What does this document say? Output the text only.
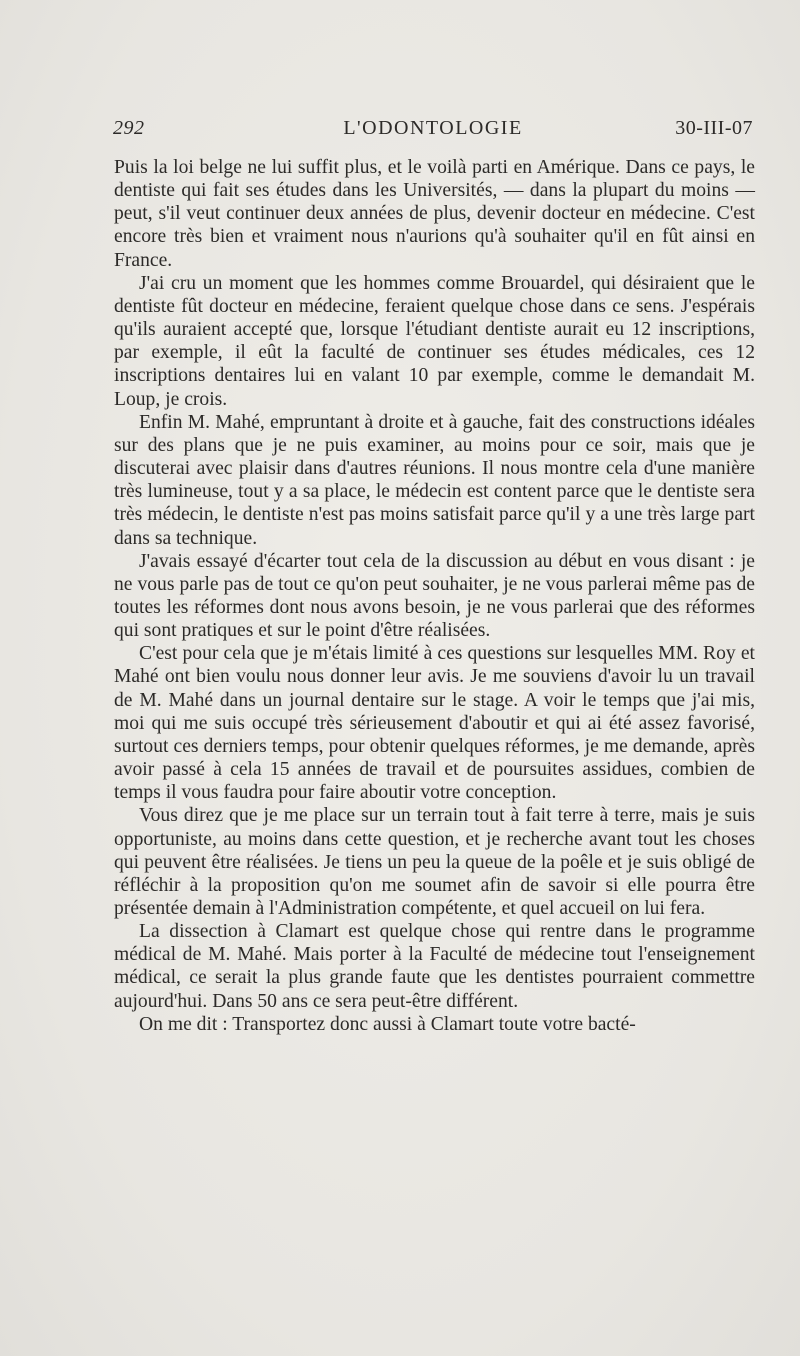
292	L'ODONTOLOGIE	30-III-07

Puis la loi belge ne lui suffit plus, et le voilà parti en Amérique. Dans ce pays, le dentiste qui fait ses études dans les Universités, — dans la plupart du moins — peut, s'il veut continuer deux années de plus, devenir docteur en médecine. C'est encore très bien et vraiment nous n'aurions qu'à souhaiter qu'il en fût ainsi en France.

J'ai cru un moment que les hommes comme Brouardel, qui désiraient que le dentiste fût docteur en médecine, feraient quelque chose dans ce sens. J'espérais qu'ils auraient accepté que, lorsque l'étudiant dentiste aurait eu 12 inscriptions, par exemple, il eût la faculté de continuer ses études médicales, ces 12 inscriptions dentaires lui en valant 10 par exemple, comme le demandait M. Loup, je crois.

Enfin M. Mahé, empruntant à droite et à gauche, fait des constructions idéales sur des plans que je ne puis examiner, au moins pour ce soir, mais que je discuterai avec plaisir dans d'autres réunions. Il nous montre cela d'une manière très lumineuse, tout y a sa place, le médecin est content parce que le dentiste sera très médecin, le dentiste n'est pas moins satisfait parce qu'il y a une très large part dans sa technique.

J'avais essayé d'écarter tout cela de la discussion au début en vous disant : je ne vous parle pas de tout ce qu'on peut souhaiter, je ne vous parlerai même pas de toutes les réformes dont nous avons besoin, je ne vous parlerai que des réformes qui sont pratiques et sur le point d'être réalisées.

C'est pour cela que je m'étais limité à ces questions sur lesquelles MM. Roy et Mahé ont bien voulu nous donner leur avis. Je me souviens d'avoir lu un travail de M. Mahé dans un journal dentaire sur le stage. A voir le temps que j'ai mis, moi qui me suis occupé très sérieusement d'aboutir et qui ai été assez favorisé, surtout ces derniers temps, pour obtenir quelques réformes, je me demande, après avoir passé à cela 15 années de travail et de poursuites assidues, combien de temps il vous faudra pour faire aboutir votre conception.

Vous direz que je me place sur un terrain tout à fait terre à terre, mais je suis opportuniste, au moins dans cette question, et je recherche avant tout les choses qui peuvent être réalisées. Je tiens un peu la queue de la poêle et je suis obligé de réfléchir à la proposition qu'on me soumet afin de savoir si elle pourra être présentée demain à l'Administration compétente, et quel accueil on lui fera.

La dissection à Clamart est quelque chose qui rentre dans le programme médical de M. Mahé. Mais porter à la Faculté de médecine tout l'enseignement médical, ce serait la plus grande faute que les dentistes pourraient commettre aujourd'hui. Dans 50 ans ce sera peut-être différent.

On me dit : Transportez donc aussi à Clamart toute votre bacté-
